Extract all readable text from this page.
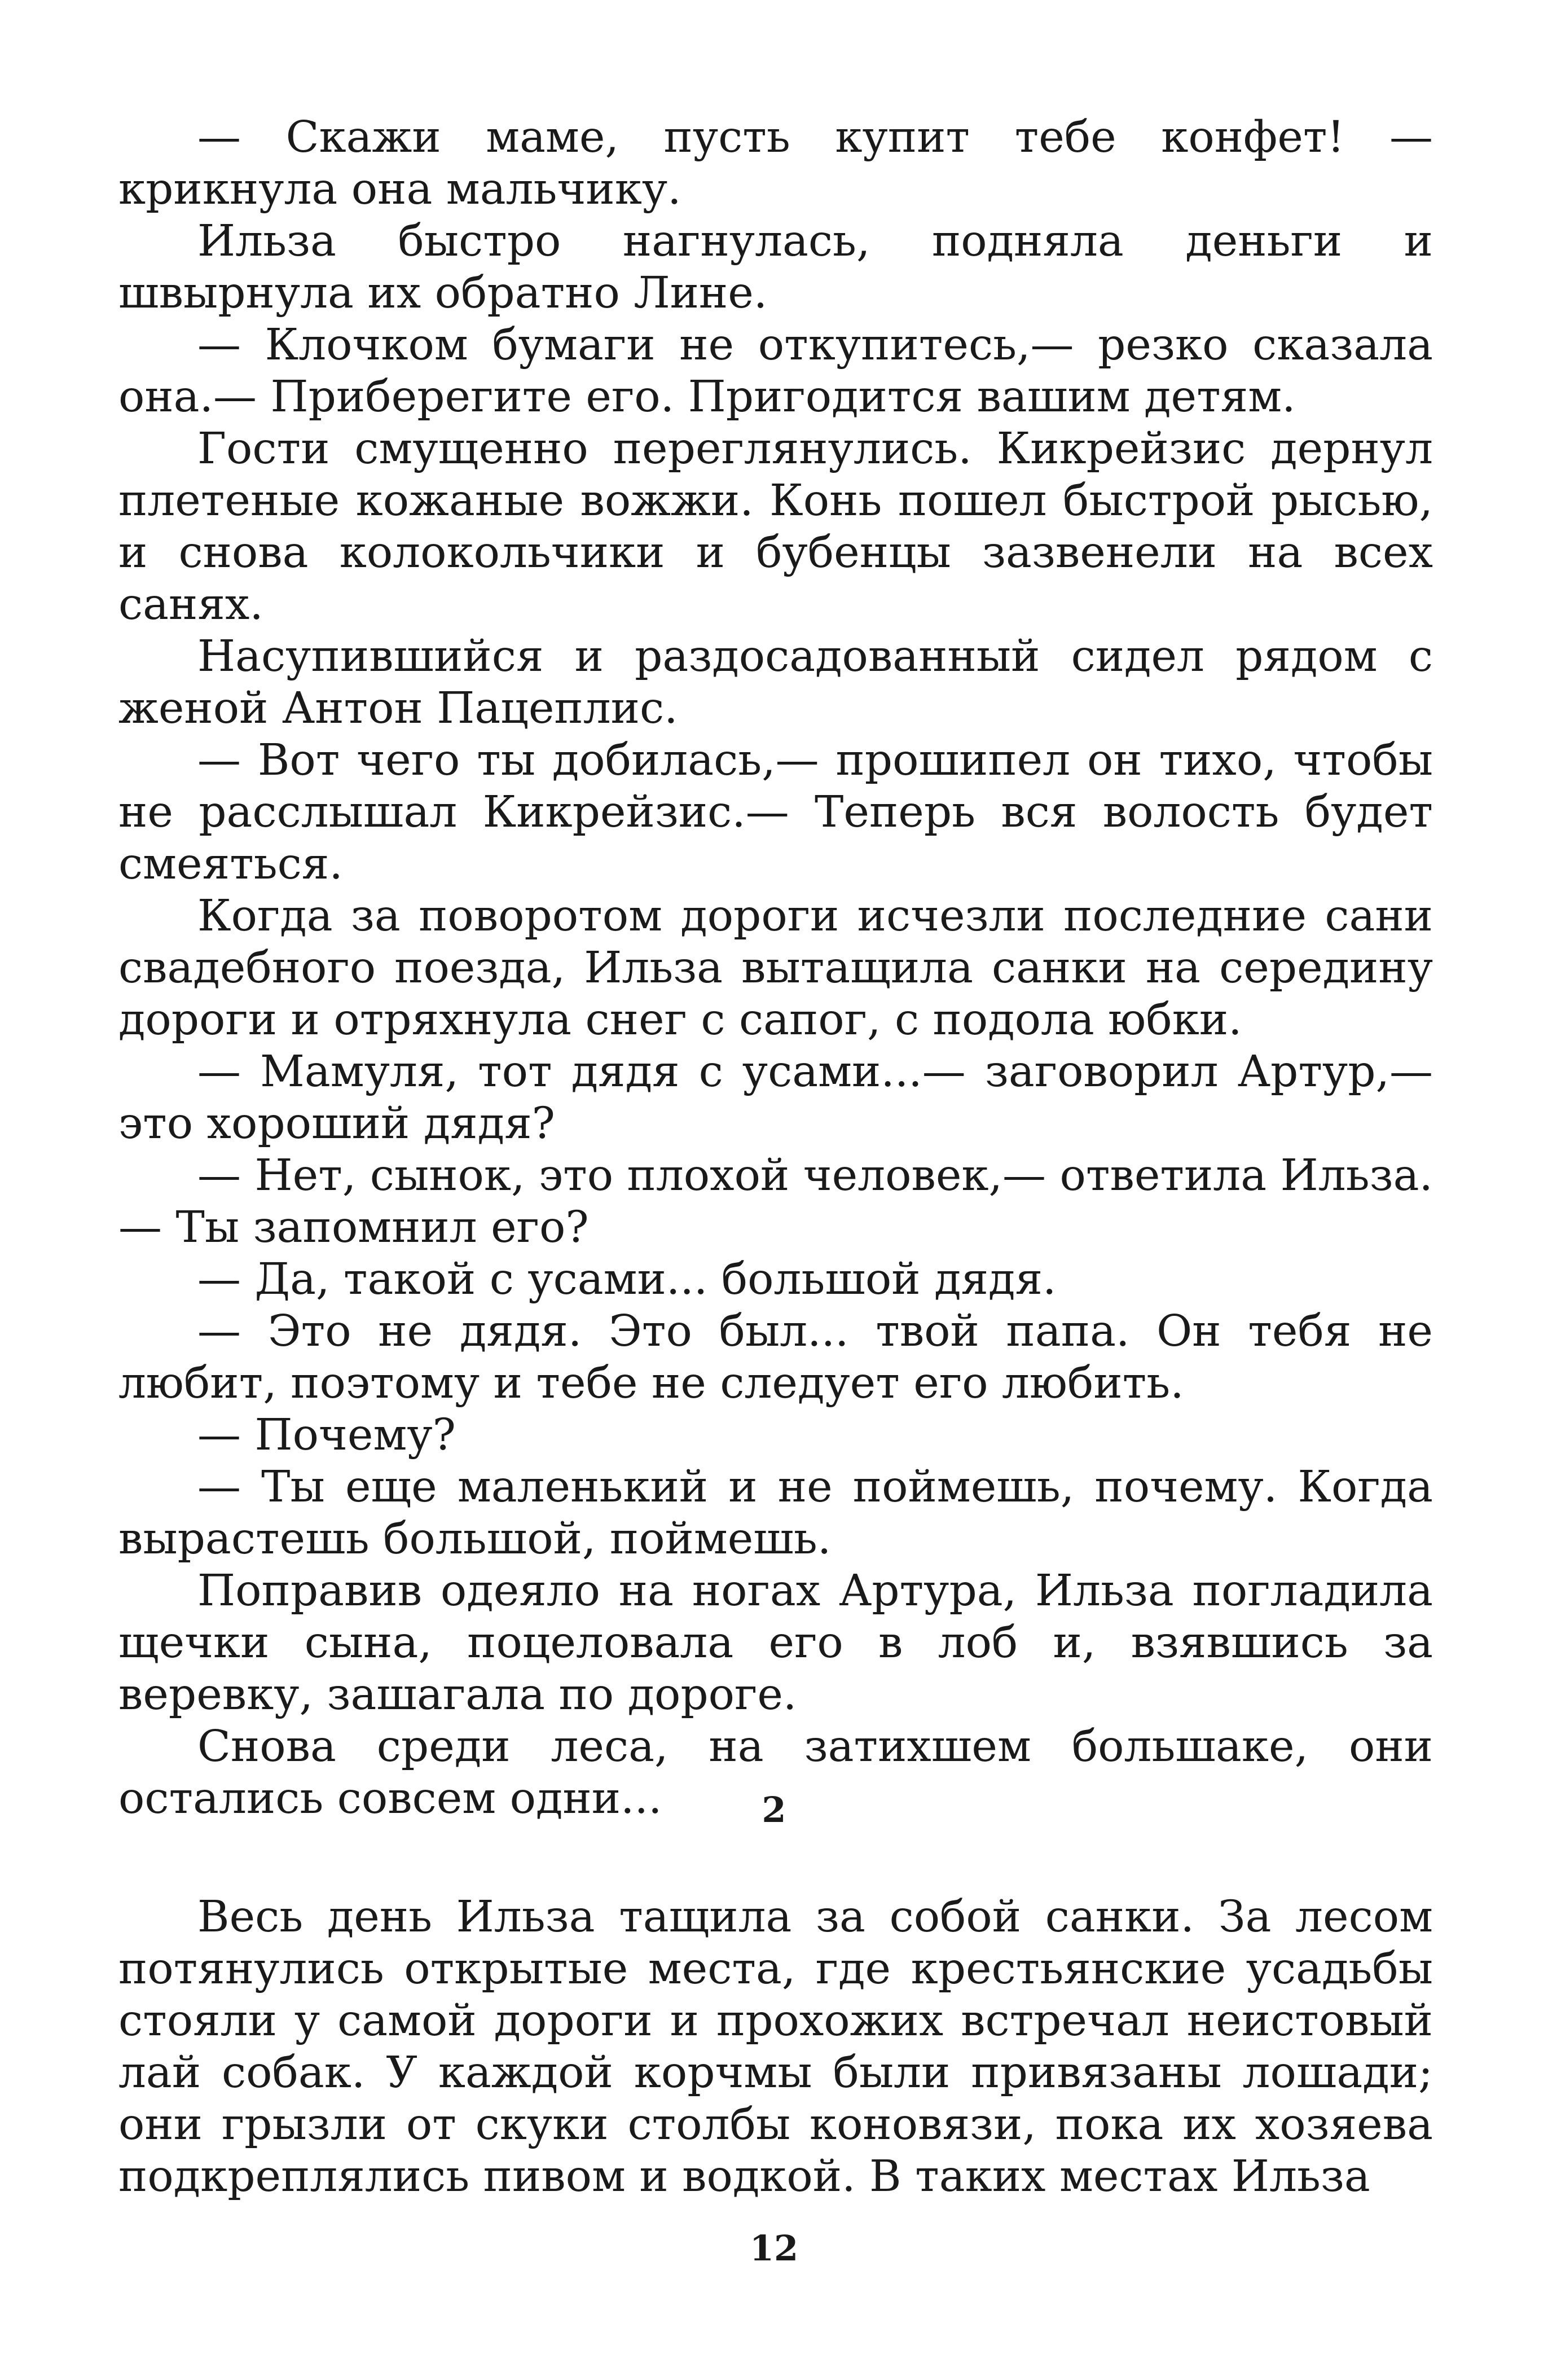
— Скажи маме, пусть купит тебе конфет! — крикнула она мальчику.

Ильза быстро нагнулась, подняла деньги и швырнула их обратно Лине.

— Клочком бумаги не откупитесь,— резко сказала она.— Приберегите его. Пригодится вашим детям.

Гости смущенно переглянулись. Кикрейзис дернул плетеные кожаные вожжи. Конь пошел быстрой рысью, и снова колокольчики и бубенцы зазвенели на всех санях.

Насупившийся и раздосадованный сидел рядом с женой Антон Пацеплис.

— Вот чего ты добилась,— прошипел он тихо, чтобы не расслышал Кикрейзис.— Теперь вся волость будет смеяться.

Когда за поворотом дороги исчезли последние сани свадебного поезда, Ильза вытащила санки на середину дороги и отряхнула снег с сапог, с подола юбки.

— Мамуля, тот дядя с усами...— заговорил Артур,— это хороший дядя?

— Нет, сынок, это плохой человек,— ответила Ильза.— Ты запомнил его?

— Да, такой с усами... большой дядя.

— Это не дядя. Это был... твой папа. Он тебя не любит, поэтому и тебе не следует его любить.

— Почему?

— Ты еще маленький и не поймешь, почему. Когда вырастешь большой, поймешь.

Поправив одеяло на ногах Артура, Ильза погладила щечки сына, поцеловала его в лоб и, взявшись за веревку, зашагала по дороге.

Снова среди леса, на затихшем большаке, они остались совсем одни...	2

Весь день Ильза тащила за собой санки. За лесом потянулись открытые места, где крестьянские усадьбы стояли у самой дороги и прохожих встречал неистовый лай собак. У каждой корчмы были привязаны лошади; они грызли от скуки столбы коновязи, пока их хозяева подкреплялись пивом и водкой. В таких местах Ильза

12
